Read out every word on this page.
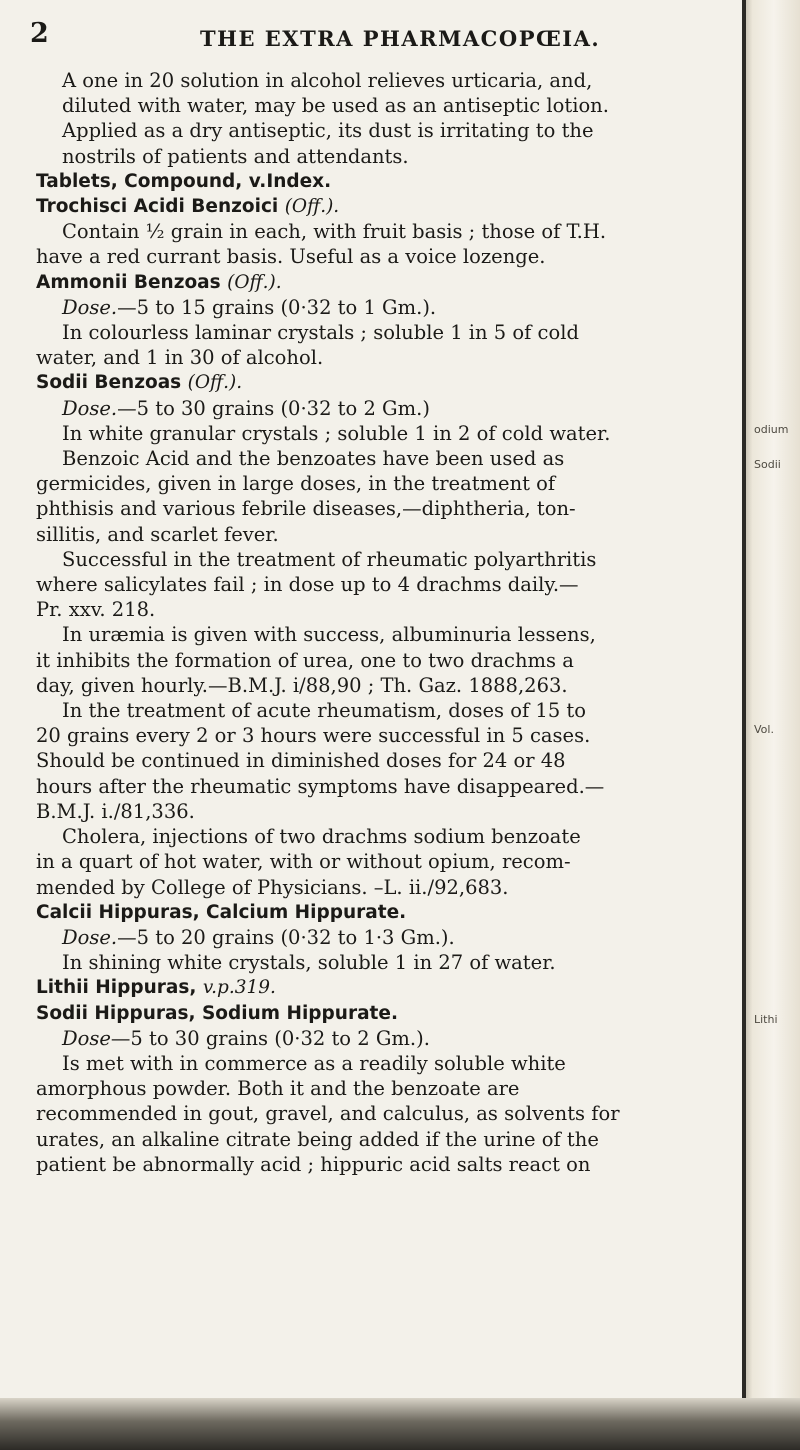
2	THE EXTRA PHARMACOPŒIA.

A one in 20 solution in alcohol relieves urticaria, and,
diluted with water, may be used as an antiseptic lotion.
Applied as a dry antiseptic, its dust is irritating to the
nostrils of patients and attendants.

Tablets, Compound, v.Index.

Trochisci Acidi Benzoici (Off.).

Contain ½ grain in each, with fruit basis ; those of T.H.
have a red currant basis. Useful as a voice lozenge.

Ammonii Benzoas (Off.).

Dose.—5 to 15 grains (0·32 to 1 Gm.).

In colourless laminar crystals ; soluble 1 in 5 of cold
water, and 1 in 30 of alcohol.

Sodii Benzoas (Off.).

Dose.—5 to 30 grains (0·32 to 2 Gm.)

In white granular crystals ; soluble 1 in 2 of cold water.
Benzoic Acid and the benzoates have been used as
germicides, given in large doses, in the treatment of
phthisis and various febrile diseases,—diphtheria, ton-
sillitis, and scarlet fever.
Successful in the treatment of rheumatic polyarthritis
where salicylates fail ; in dose up to 4 drachms daily.—
Pr. xxv. 218.
In uræmia is given with success, albuminuria lessens,
it inhibits the formation of urea, one to two drachms a
day, given hourly.—B.M.J. i/88,90 ; Th. Gaz. 1888,263.
In the treatment of acute rheumatism, doses of 15 to
20 grains every 2 or 3 hours were successful in 5 cases.
Should be continued in diminished doses for 24 or 48
hours after the rheumatic symptoms have disappeared.—
B.M.J. i./81,336.
Cholera, injections of two drachms sodium benzoate
in a quart of hot water, with or without opium, recom-
mended by College of Physicians. –L. ii./92,683.

Calcii Hippuras, Calcium Hippurate.

Dose.—5 to 20 grains (0·32 to 1·3 Gm.).

In shining white crystals, soluble 1 in 27 of water.

Lithii Hippuras, v.p.319.

Sodii Hippuras, Sodium Hippurate.

Dose—5 to 30 grains (0·32 to 2 Gm.).

Is met with in commerce as a readily soluble white
amorphous powder. Both it and the benzoate are
recommended in gout, gravel, and calculus, as solvents for
urates, an alkaline citrate being added if the urine of the
patient be abnormally acid ; hippuric acid salts react on

odium
Sodii
Vol.
Lithi
